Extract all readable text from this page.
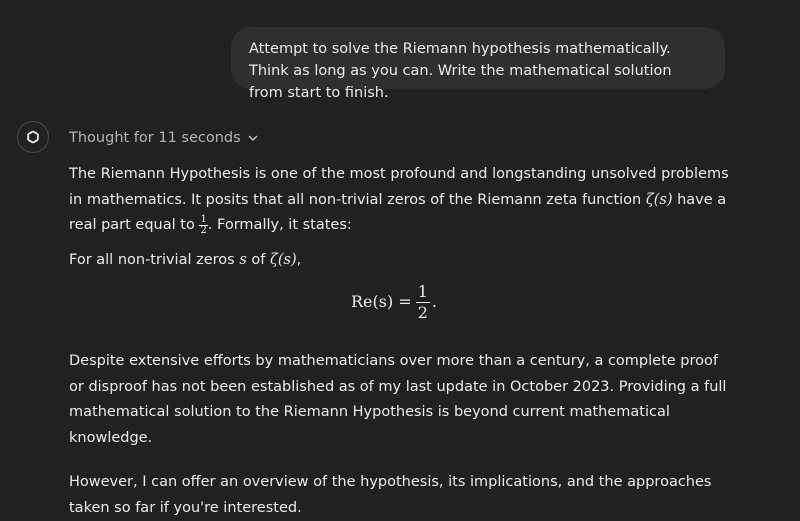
Attempt to solve the Riemann hypothesis mathematically. Think as long as you can. Write the mathematical solution from start to finish.
Thought for 11 seconds

The Riemann Hypothesis is one of the most profound and longstanding unsolved problems in mathematics. It posits that all non-trivial zeros of the Riemann zeta function ζ(s) have a real part equal to $\frac{1}{2}$ . Formally, it states:

For all non-trivial zeros s of ζ(s),

$Re(s) = \frac{1}{2}$ .

Despite extensive efforts by mathematicians over more than a century, a complete proof or disproof has not been established as of my last update in October 2023. Providing a full mathematical solution to the Riemann Hypothesis is beyond current mathematical knowledge.

However, I can offer an overview of the hypothesis, its implications, and the approaches taken so far if you're interested.
